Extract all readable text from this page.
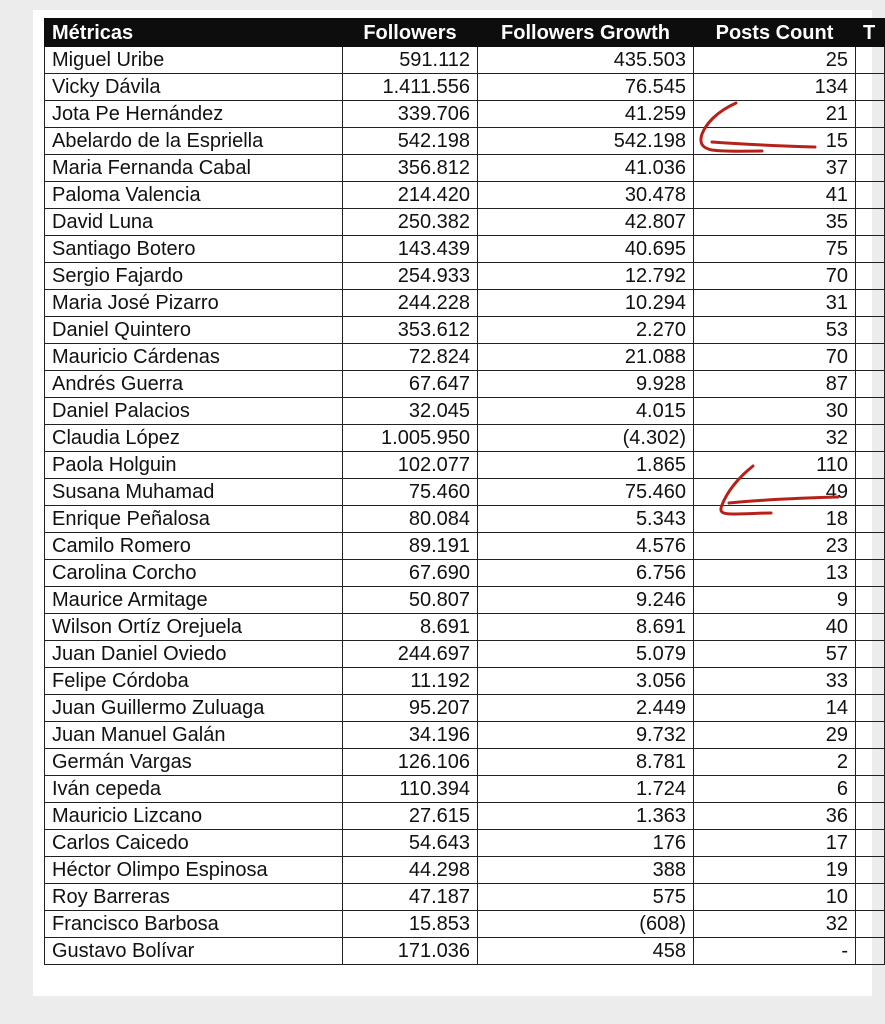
Métricas	Followers	Followers Growth	Posts Count	T
Miguel Uribe	591.112	435.503	25	
Vicky Dávila	1.411.556	76.545	134	
Jota Pe Hernández	339.706	41.259	21	
Abelardo de la Espriella	542.198	542.198	15	
Maria Fernanda Cabal	356.812	41.036	37	
Paloma Valencia	214.420	30.478	41	
David Luna	250.382	42.807	35	
Santiago Botero	143.439	40.695	75	
Sergio Fajardo	254.933	12.792	70	
Maria José Pizarro	244.228	10.294	31	
Daniel Quintero	353.612	2.270	53	
Mauricio Cárdenas	72.824	21.088	70	
Andrés Guerra	67.647	9.928	87	
Daniel Palacios	32.045	4.015	30	
Claudia López	1.005.950	(4.302)	32	
Paola Holguin	102.077	1.865	110	
Susana Muhamad	75.460	75.460	49	
Enrique Peñalosa	80.084	5.343	18	
Camilo Romero	89.191	4.576	23	
Carolina Corcho	67.690	6.756	13	
Maurice Armitage	50.807	9.246	9	
Wilson Ortíz Orejuela	8.691	8.691	40	
Juan Daniel Oviedo	244.697	5.079	57	
Felipe Córdoba	11.192	3.056	33	
Juan Guillermo Zuluaga	95.207	2.449	14	
Juan Manuel Galán	34.196	9.732	29	
Germán Vargas	126.106	8.781	2	
Iván cepeda	110.394	1.724	6	
Mauricio Lizcano	27.615	1.363	36	
Carlos Caicedo	54.643	176	17	
Héctor Olimpo Espinosa	44.298	388	19	
Roy Barreras	47.187	575	10	
Francisco Barbosa	15.853	(608)	32	
Gustavo Bolívar	171.036	458	-	
